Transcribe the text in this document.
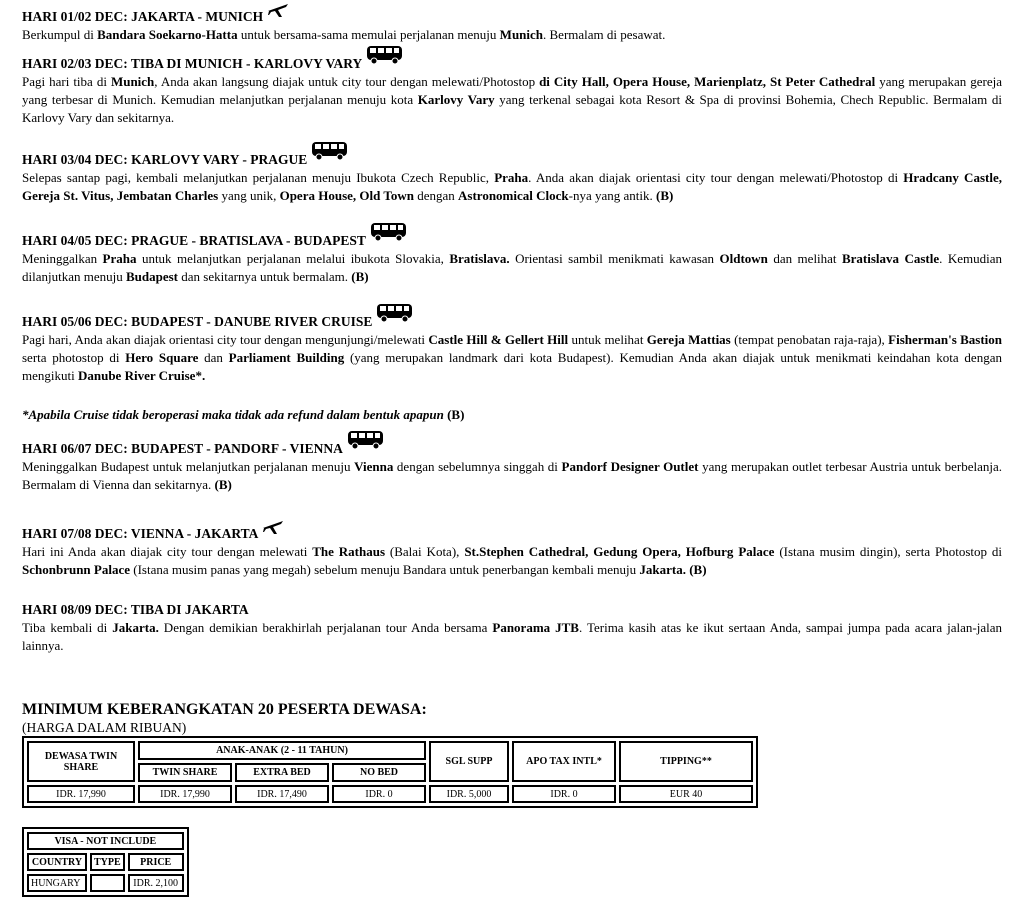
HARI 01/02 DEC: JAKARTA - MUNICH
Berkumpul di Bandara Soekarno-Hatta untuk bersama-sama memulai perjalanan menuju Munich. Bermalam di pesawat.
HARI 02/03 DEC: TIBA DI MUNICH - KARLOVY VARY
Pagi hari tiba di Munich, Anda akan langsung diajak untuk city tour dengan melewati/Photostop di City Hall, Opera House, Marienplatz, St Peter Cathedral yang merupakan gereja yang terbesar di Munich. Kemudian melanjutkan perjalanan menuju kota Karlovy Vary yang terkenal sebagai kota Resort & Spa di provinsi Bohemia, Chech Republic. Bermalam di Karlovy Vary dan sekitarnya.
HARI 03/04 DEC: KARLOVY VARY - PRAGUE
Selepas santap pagi, kembali melanjutkan perjalanan menuju Ibukota Czech Republic, Praha. Anda akan diajak orientasi city tour dengan melewati/Photostop di Hradcany Castle, Gereja St. Vitus, Jembatan Charles yang unik, Opera House, Old Town dengan Astronomical Clock-nya yang antik. (B)
HARI 04/05 DEC: PRAGUE - BRATISLAVA - BUDAPEST
Meninggalkan Praha untuk melanjutkan perjalanan melalui ibukota Slovakia, Bratislava. Orientasi sambil menikmati kawasan Oldtown dan melihat Bratislava Castle. Kemudian dilanjutkan menuju Budapest dan sekitarnya untuk bermalam. (B)
HARI 05/06 DEC: BUDAPEST - DANUBE RIVER CRUISE
Pagi hari, Anda akan diajak orientasi city tour dengan mengunjungi/melewati Castle Hill & Gellert Hill untuk melihat Gereja Mattias (tempat penobatan raja-raja), Fisherman's Bastion serta photostop di Hero Square dan Parliament Building (yang merupakan landmark dari kota Budapest). Kemudian Anda akan diajak untuk menikmati keindahan kota dengan mengikuti Danube River Cruise*.
HARI 06/07 DEC: BUDAPEST - PANDORF - VIENNA
Meninggalkan Budapest untuk melanjutkan perjalanan menuju Vienna dengan sebelumnya singgah di Pandorf Designer Outlet yang merupakan outlet terbesar Austria untuk berbelanja. Bermalam di Vienna dan sekitarnya. (B)
HARI 07/08 DEC: VIENNA - JAKARTA
Hari ini Anda akan diajak city tour dengan melewati The Rathaus (Balai Kota), St.Stephen Cathedral, Gedung Opera, Hofburg Palace (Istana musim dingin), serta Photostop di Schonbrunn Palace (Istana musim panas yang megah) sebelum menuju Bandara untuk penerbangan kembali menuju Jakarta. (B)
HARI 08/09 DEC: TIBA DI JAKARTA
Tiba kembali di Jakarta. Dengan demikian berakhirlah perjalanan tour Anda bersama Panorama JTB. Terima kasih atas ke ikut sertaan Anda, sampai jumpa pada acara jalan-jalan lainnya.
*Apabila Cruise tidak beroperasi maka tidak ada refund dalam bentuk apapun (B)
MINIMUM KEBERANGKATAN 20 PESERTA DEWASA:
(HARGA DALAM RIBUAN)
DEWASA TWIN SHARE	ANAK-ANAK (2 - 11 TAHUN)			SGL SUPP	APO TAX INTL*	TIPPING**
	TWIN SHARE	EXTRA BED	NO BED			
IDR. 17,990	IDR. 17,990	IDR. 17,490	IDR. 0	IDR. 5,000	IDR. 0	EUR 40
VISA - NOT INCLUDE		
COUNTRY	TYPE	PRICE
HUNGARY		IDR. 2,100
